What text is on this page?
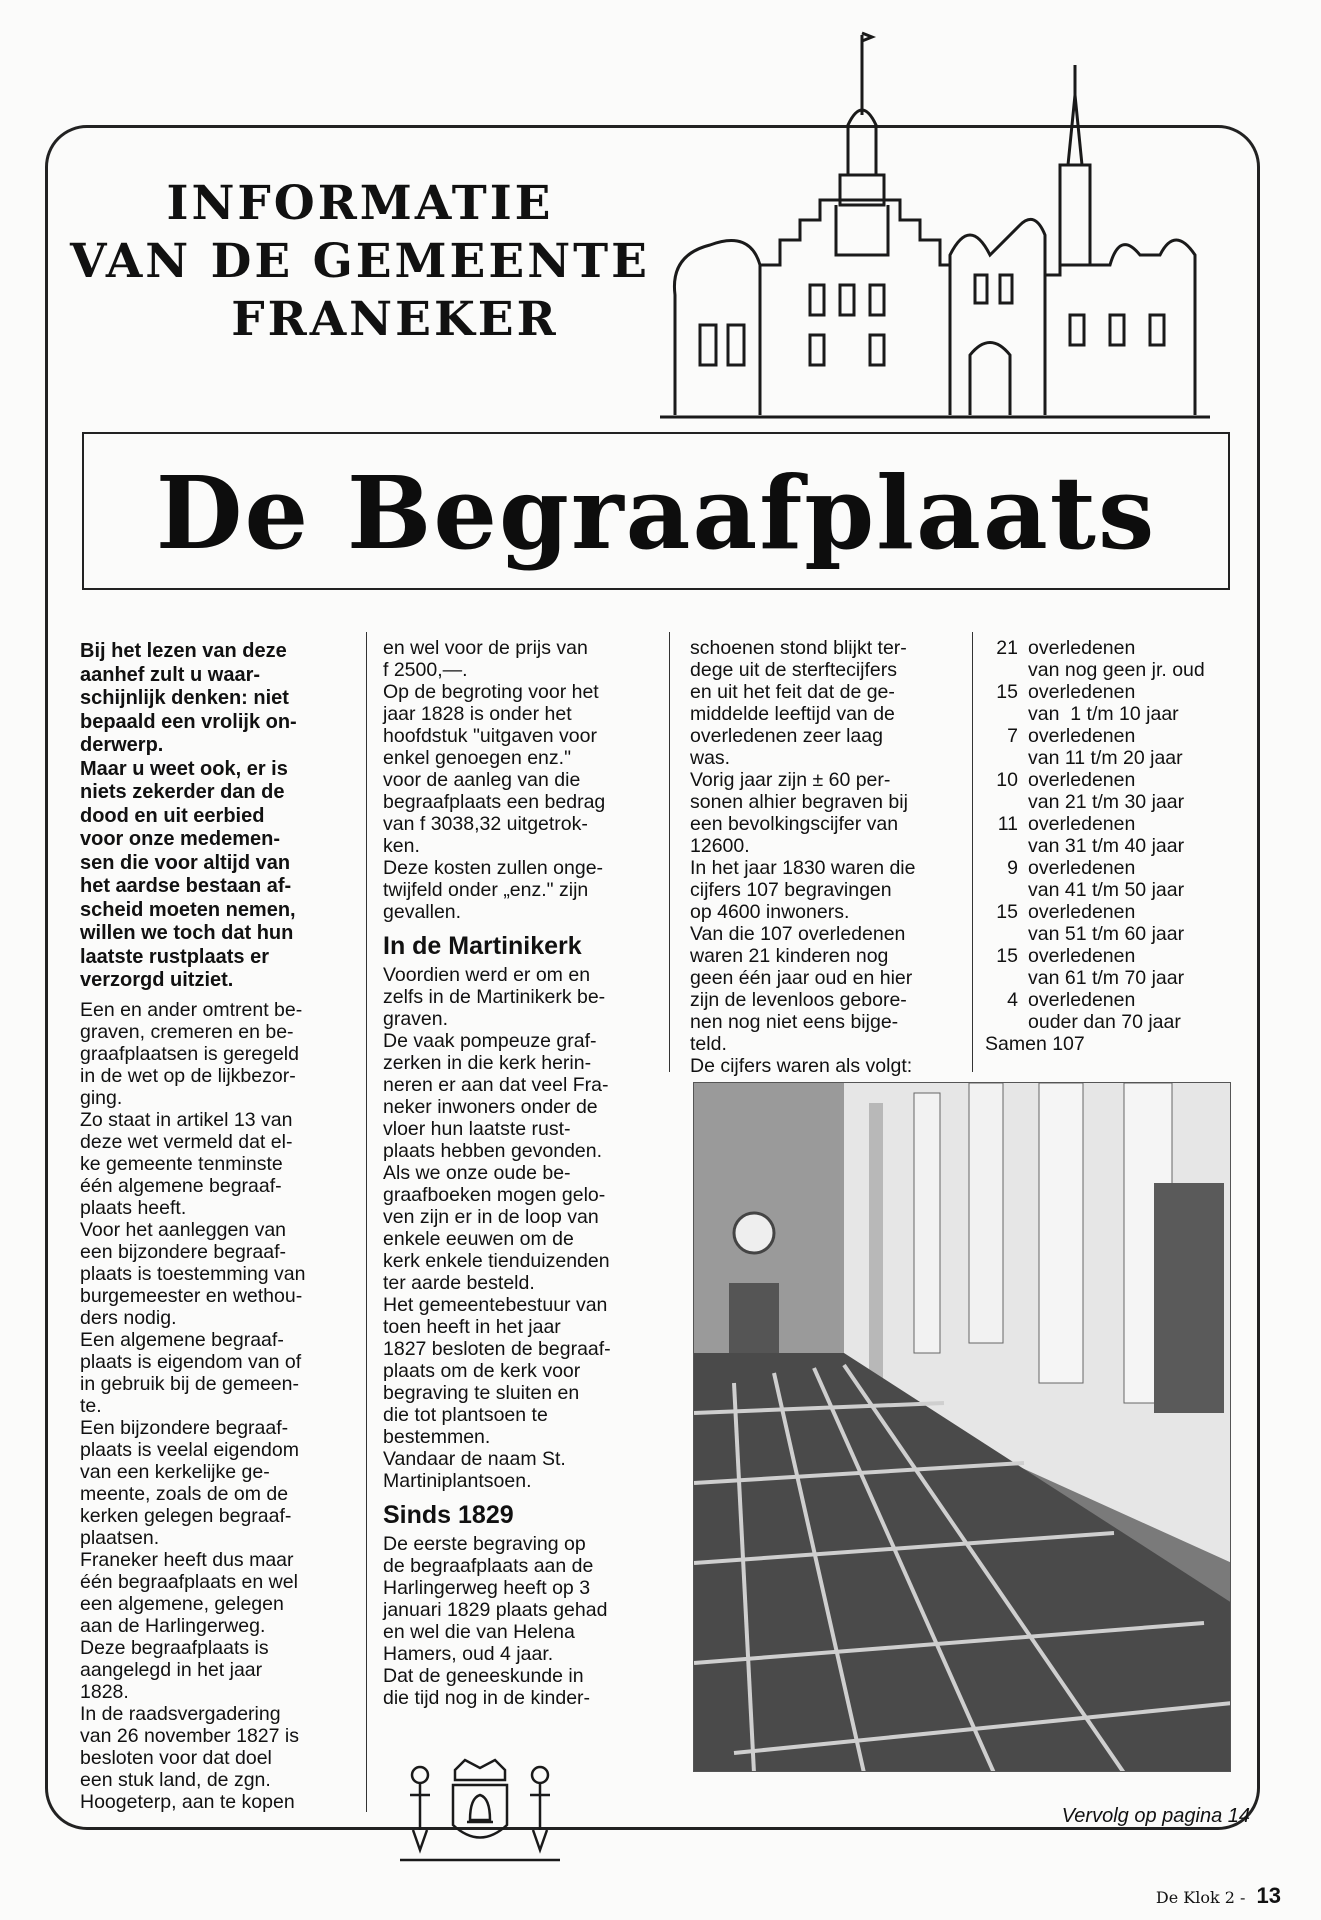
INFORMATIE
VAN DE GEMEENTE
FRANEKER
De Begraafplaats

Bij het lezen van deze
aanhef zult u waar-
schijnlijk denken: niet
bepaald een vrolijk on-
derwerp.
Maar u weet ook, er is
niets zekerder dan de
dood en uit eerbied
voor onze medemen-
sen die voor altijd van
het aardse bestaan af-
scheid moeten nemen,
willen we toch dat hun
laatste rustplaats er
verzorgd uitziet.

Een en ander omtrent be-
graven, cremeren en be-
graafplaatsen is geregeld
in de wet op de lijkbezor-
ging.
Zo staat in artikel 13 van
deze wet vermeld dat el-
ke gemeente tenminste
één algemene begraaf-
plaats heeft.
Voor het aanleggen van
een bijzondere begraaf-
plaats is toestemming van
burgemeester en wethou-
ders nodig.
Een algemene begraaf-
plaats is eigendom van of
in gebruik bij de gemeen-
te.
Een bijzondere begraaf-
plaats is veelal eigendom
van een kerkelijke ge-
meente, zoals de om de
kerken gelegen begraaf-
plaatsen.
Franeker heeft dus maar
één begraafplaats en wel
een algemene, gelegen
aan de Harlingerweg.
Deze begraafplaats is
aangelegd in het jaar
1828.
In de raadsvergadering
van 26 november 1827 is
besloten voor dat doel
een stuk land, de zgn.
Hoogeterp, aan te kopen

en wel voor de prijs van
f 2500,—.
Op de begroting voor het
jaar 1828 is onder het
hoofdstuk "uitgaven voor
enkel genoegen enz."
voor de aanleg van die
begraafplaats een bedrag
van f 3038,32 uitgetrok-
ken.
Deze kosten zullen onge-
twijfeld onder „enz." zijn
gevallen.

In de Martinikerk

Voordien werd er om en
zelfs in de Martinikerk be-
graven.
De vaak pompeuze graf-
zerken in die kerk herin-
neren er aan dat veel Fra-
neker inwoners onder de
vloer hun laatste rust-
plaats hebben gevonden.
Als we onze oude be-
graafboeken mogen gelo-
ven zijn er in de loop van
enkele eeuwen om de
kerk enkele tienduizenden
ter aarde besteld.
Het gemeentebestuur van
toen heeft in het jaar
1827 besloten de begraaf-
plaats om de kerk voor
begraving te sluiten en
die tot plantsoen te
bestemmen.
Vandaar de naam St.
Martiniplantsoen.

Sinds 1829

De eerste begraving op
de begraafplaats aan de
Harlingerweg heeft op 3
januari 1829 plaats gehad
en wel die van Helena
Hamers, oud 4 jaar.
Dat de geneeskunde in
die tijd nog in de kinder-

schoenen stond blijkt ter-
dege uit de sterftecijfers
en uit het feit dat de ge-
middelde leeftijd van de
overledenen zeer laag
was.
Vorig jaar zijn ± 60 per-
sonen alhier begraven bij
een bevolkingscijfer van
12600.
In het jaar 1830 waren die
cijfers 107 begravingen
op 4600 inwoners.
Van die 107 overledenen
waren 21 kinderen nog
geen één jaar oud en hier
zijn de levenloos gebore-
nen nog niet eens bijge-
teld.
De cijfers waren als volgt:

21	overledenen
	van nog geen jr. oud
15	overledenen
	van  1 t/m 10 jaar
7	overledenen
	van 11 t/m 20 jaar
10	overledenen
	van 21 t/m 30 jaar
11	overledenen
	van 31 t/m 40 jaar
9	overledenen
	van 41 t/m 50 jaar
15	overledenen
	van 51 t/m 60 jaar
15	overledenen
	van 61 t/m 70 jaar
4	overledenen
	ouder dan 70 jaar
Samen 107
Vervolg op pagina 14
De Klok 2 - 13
